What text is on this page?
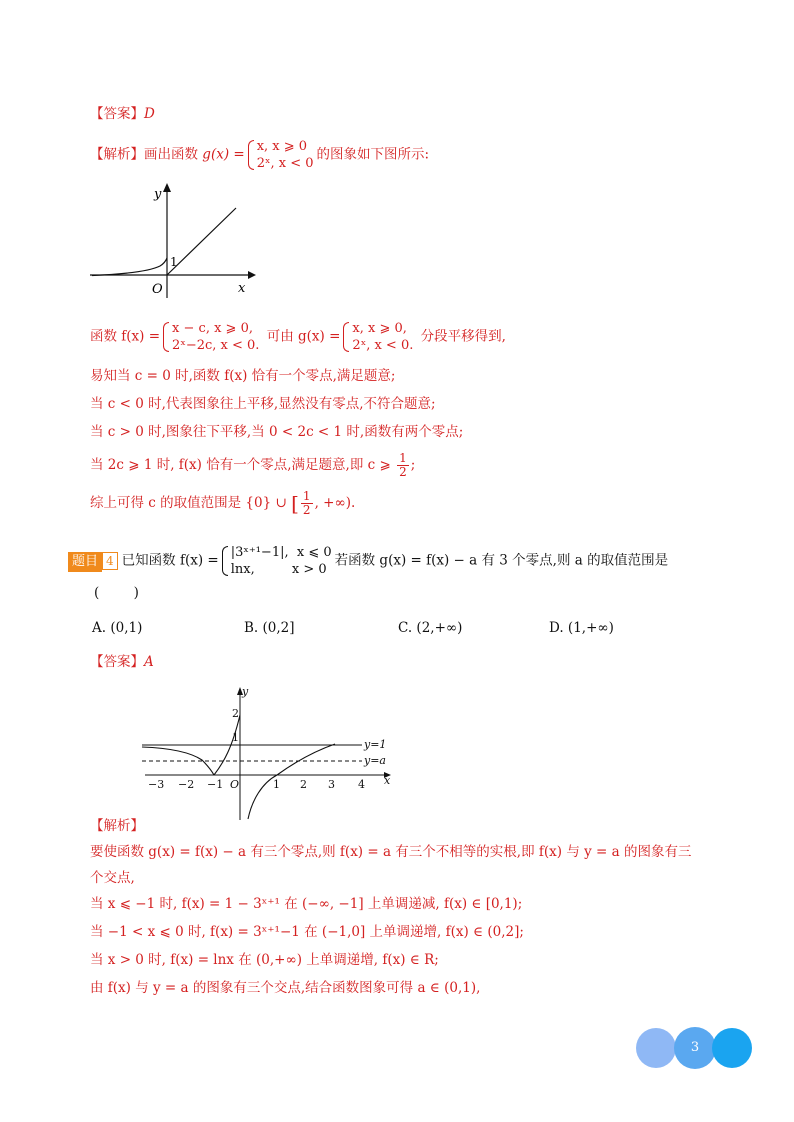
【答案】D
【解析】画出函数 g(x) = x, x ⩾ 0
2ˣ, x < 0
的图象如下图所示:
y
x
O
1
函数 f(x) = x − c, x ⩾ 0,
2ˣ−2c, x < 0.
可由 g(x) = x, x ⩾ 0,
2ˣ, x < 0.
分段平移得到,
易知当 c = 0 时,函数 f(x) 恰有一个零点,满足题意;
当 c < 0 时,代表图象往上平移,显然没有零点,不符合题意;
当 c > 0 时,图象往下平移,当 0 < 2c < 1 时,函数有两个零点;
当 2c ⩾ 1 时, f(x) 恰有一个零点,满足题意,即 c ⩾ $\frac{1}{2}$ ;
综上可得 c 的取值范围是 {0} ∪ [ $\frac{1}{2}$ , +∞).
题目 4 已知函数 f(x) = |3ˣ⁺¹−1|,  x ⩽ 0
lnx,         x > 0
若函数 g(x) = f(x) − a 有 3 个零点,则 a 的取值范围是
(        )
A. (0,1)	B. (0,2]	C. (2,+∞)	D. (1,+∞)
【答案】A
−3 −2 −1	1 2 3 4
1
2
O
y
x
y=1
y=a
【解析】
要使函数 g(x) = f(x) − a 有三个零点,则 f(x) = a 有三个不相等的实根,即 f(x) 与 y = a 的图象有三
个交点,
当 x ⩽ −1 时, f(x) = 1 − 3ˣ⁺¹ 在 (−∞, −1] 上单调递减, f(x) ∈ [0,1);
当 −1 < x ⩽ 0 时, f(x) = 3ˣ⁺¹−1 在 (−1,0] 上单调递增, f(x) ∈ (0,2];
当 x > 0 时, f(x) = lnx 在 (0,+∞) 上单调递增, f(x) ∈ R;
由 f(x) 与 y = a 的图象有三个交点,结合函数图象可得 a ∈ (0,1),
3
